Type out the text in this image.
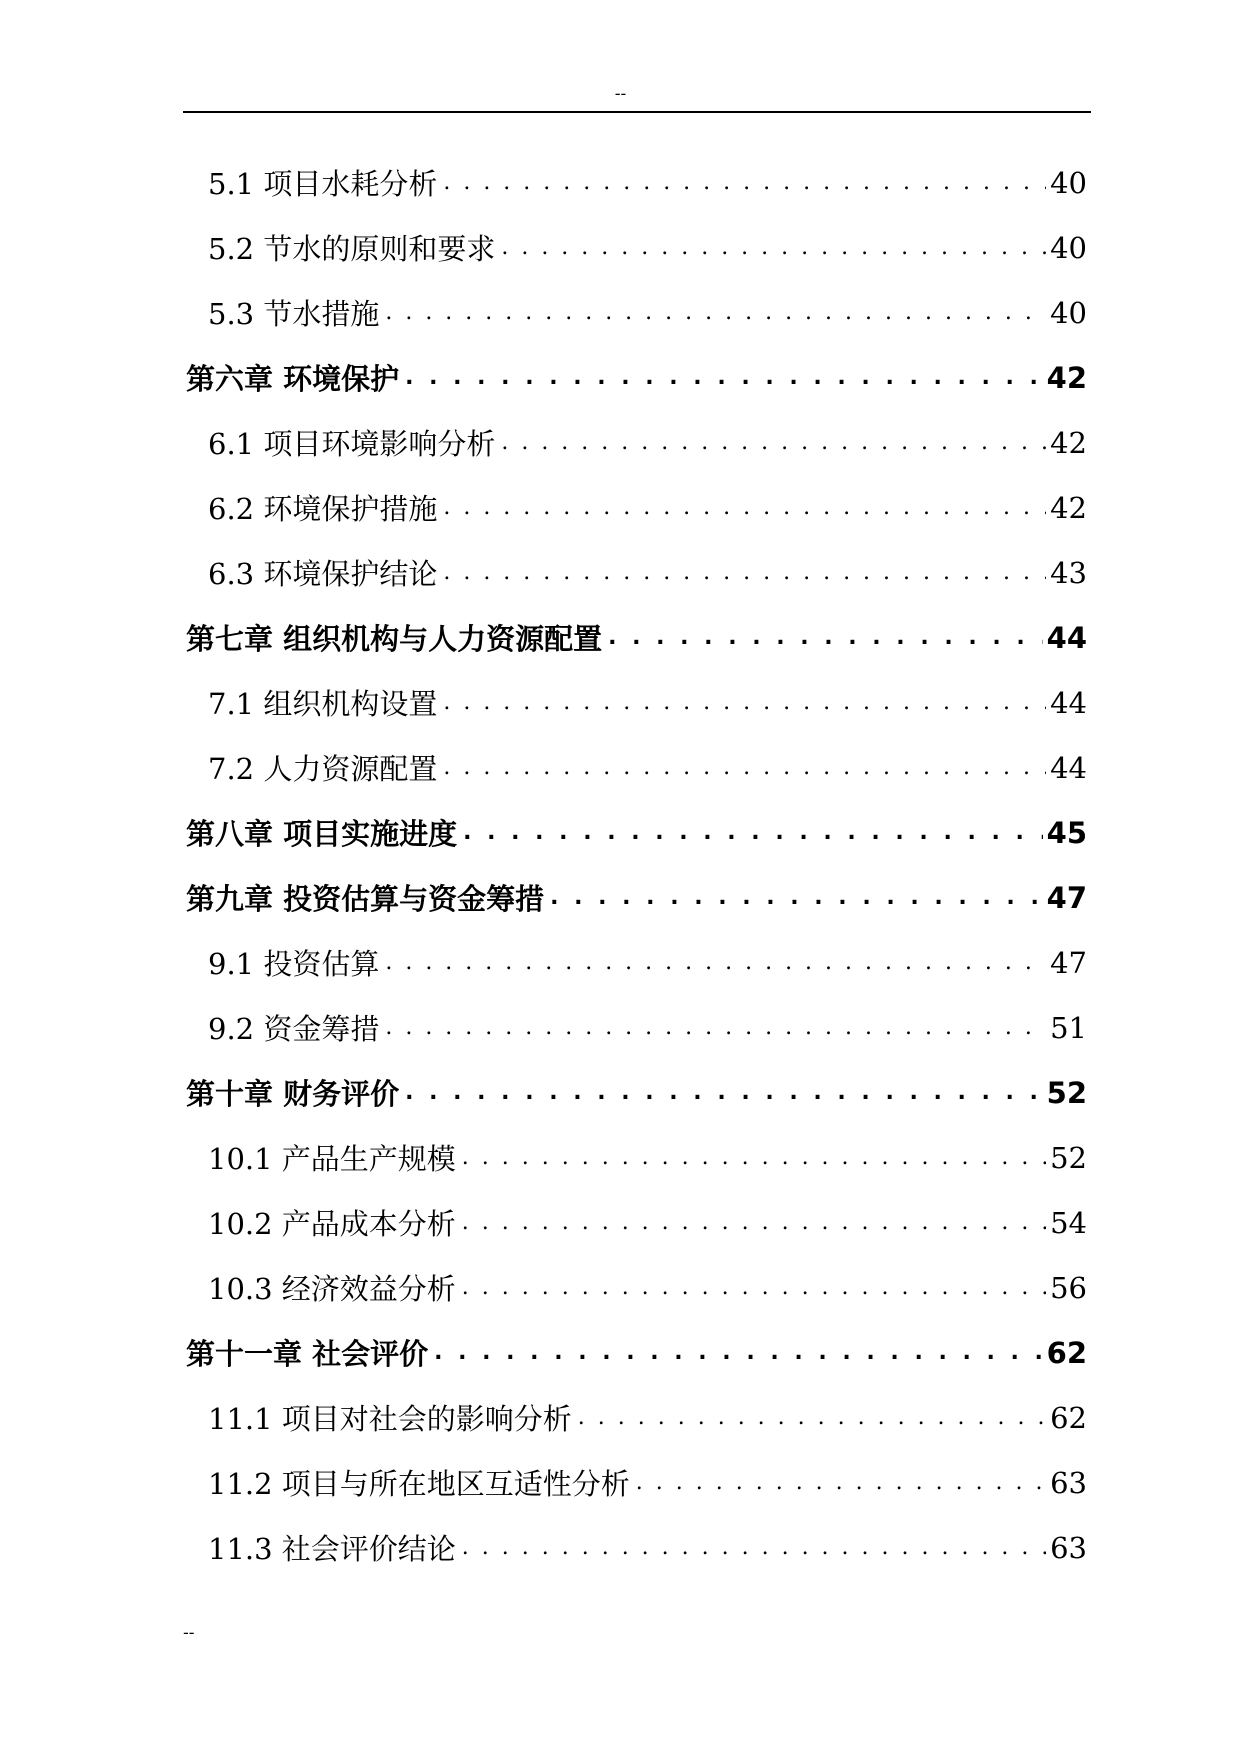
--
5.1 项目水耗分析 . . .	40
5.2 节水的原则和要求 . . .	40
5.3 节水措施 . . .	40
第六章 环境保护 . . .	42
6.1 项目环境影响分析 . . .	42
6.2 环境保护措施 . . .	42
6.3 环境保护结论 . . .	43
第七章 组织机构与人力资源配置 . . .	44
7.1 组织机构设置 . . .	44
7.2 人力资源配置 . . .	44
第八章 项目实施进度 . . .	45
第九章 投资估算与资金筹措 . . .	47
9.1 投资估算 . . .	47
9.2 资金筹措 . . .	51
第十章 财务评价 . . .	52
10.1 产品生产规模 . . .	52
10.2 产品成本分析 . . .	54
10.3 经济效益分析 . . .	56
第十一章 社会评价 . . .	62
11.1 项目对社会的影响分析 . . .	62
11.2 项目与所在地区互适性分析 . . .	63
11.3 社会评价结论 . . .	63
--
